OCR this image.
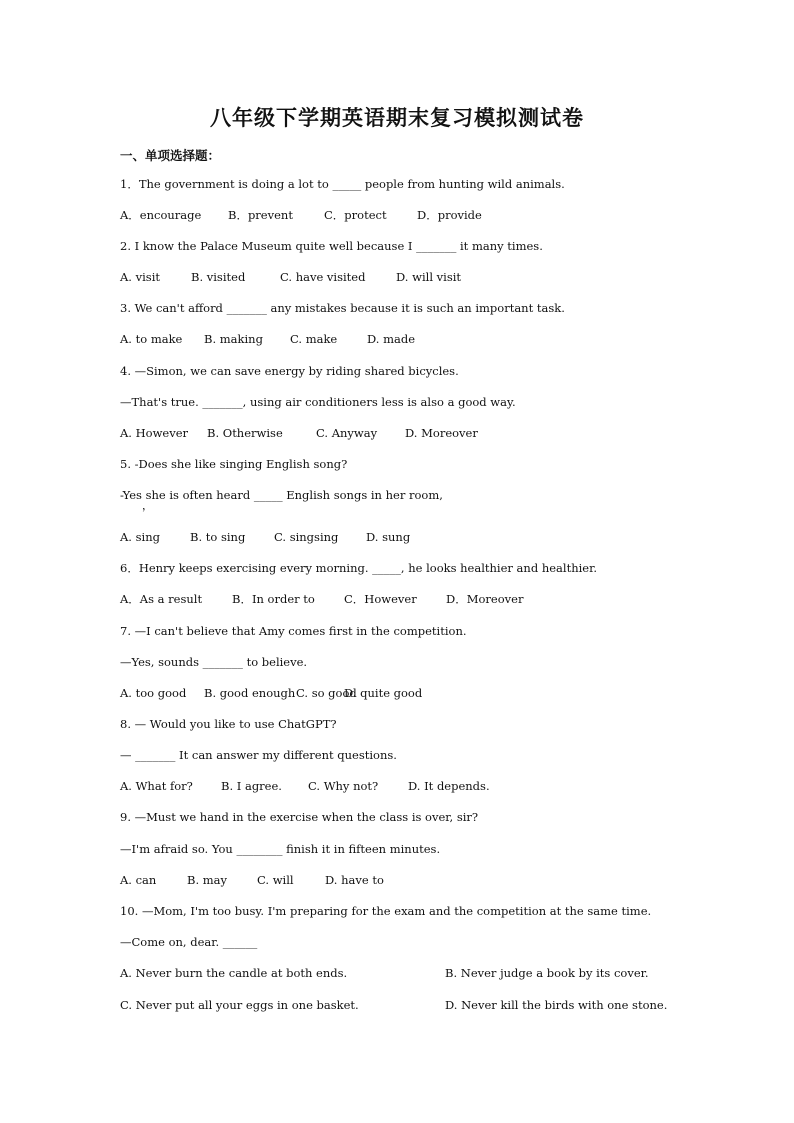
八年级下学期英语期末复习模拟测试卷
一、单项选择题：
1．The government is doing a lot to _____ people from hunting wild animals.
A．encourage B．prevent	C．protect	D．provide
2. I know the Palace Museum quite well because I _______ it many times.
A. visit	B. visited	C. have visited	D. will visit
3. We can't afford _______ any mistakes because it is such an important task.
A. to make B. making C. make	D. made
4. —Simon, we can save energy by riding shared bicycles.
—That's true. _______, using air conditioners less is also a good way.
A. However B. Otherwise	C. Anyway D. Moreover
5. -Does she like singing English song?
-Yes she is often heard _____ English songs in her room,
，
A. sing	B. to sing C. singsing D. sung
6．Henry keeps exercising every morning. _____, he looks healthier and healthier.
A．As a result	B．In order to	C．However	D．Moreover
7. —I can't believe that Amy comes first in the competition.
—Yes, sounds _______ to believe.
A. too good B. good enough C. so good
D. quite good
8. — Would you like to use ChatGPT?
— _______ It can answer my different questions.
A. What for? B. I agree. C. Why not?	D. It depends.
9. —Must we hand in the exercise when the class is over, sir?
—I'm afraid so. You ________ finish it in fifteen minutes.
A. can	B. may	C. will	D. have to
10. —Mom, I'm too busy. I'm preparing for the exam and the competition at the same time.
—Come on, dear. ______
A. Never burn the candle at both ends.	B. Never judge a book by its cover.
C. Never put all your eggs in one basket.	D. Never kill the birds with one stone.
